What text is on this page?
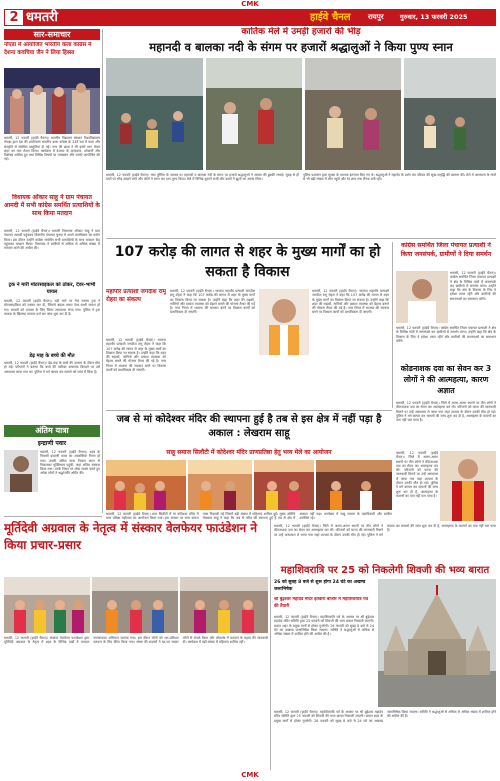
CMK
2 धमतरी	हाईवे चैनल	रायपुर	गुरुवार, 13 फरवरी 2025
सार-समाचार
नोएडा में आयोजित भारतीय कला कांग्रेस में देशना कवचिया जैन ने लिया हिस्सा
धमतरी, 12 फरवरी (हाईवे चैनल)। भारतीय विद्यालय संस्थान विश्वविद्यालय नोएडा द्वारा देश की प्राचीनतम भारतीय कला कांग्रेस के 33वें सत्र में कला और संस्कृति से संबंधित प्रस्तुतियां दी गईं। नगर की छात्रा ने भी इसमें भाग लेकर शहर का नाम रोशन किया। कार्यक्रम में देशभर के कलाकार, शोधार्थी और विशेषज्ञ शामिल हुए तथा विभिन्न विषयों पर व्याख्यान और चर्चाएं आयोजित की गईं।
विधायक ओंकार साहू ने ग्राम पंचायत आमदी में सभी कांग्रेस समर्थित प्रत्याशियों के साथ किया मतदान
धमतरी, 12 फरवरी (हाईवे चैनल)। धमतरी विधायक ओंकार साहू ने ग्राम पंचायत आमदी पहुंचकर त्रिस्तरीय पंचायत चुनाव में अपने मताधिकार का प्रयोग किया। इस दौरान उन्होंने कांग्रेस समर्थित सभी प्रत्याशियों के साथ मतदान केंद्र पहुंचकर मतदान किया। विधायक ने ग्रामीणों से अधिक से अधिक संख्या में मतदान करने की अपील की।
ट्रक ने मारी मोटरसाइकल को ठोकर, देवर-भाभी घायल
धमतरी, 12 फरवरी (हाईवे चैनल)। रुद्री मार्ग पर तेज रफ्तार ट्रक ने मोटरसाइकिल को टक्कर मार दी, जिससे बाइक सवार देवर-भाभी घायल हो गए। घायलों को उपचार के लिए जिला अस्पताल भेजा गया। पुलिस ने ट्रक चालक के खिलाफ मामला दर्ज कर जांच शुरू कर दी है।
डेढ़ माह के बच्चे की मौत
धमतरी, 12 फरवरी (हाईवे चैनल)। डेढ़ माह के बच्चे की उपचार के दौरान मौत हो गई। परिजनों ने बताया कि बच्चे की तबीयत अचानक बिगड़ने पर उसे अस्पताल लाया गया था। पुलिस ने मर्ग कायम कर मामले को जांच में लिया है।
अंतिम यात्रा
इन्द्राणी पवार
धमतरी, 12 फरवरी (हाईवे चैनल)। शहर के निवासी इन्द्राणी पवार का आकस्मिक निधन हो गया। उनकी अंतिम यात्रा निवास स्थान से निकलकर मुक्तिधाम पहुंची, जहां अंतिम संस्कार किया गया। उनके निधन पर शोक व्यक्त करते हुए अनेक लोगों ने श्रद्धांजलि अर्पित की।
कार्तिक मेले में उमड़ी हजारों की भीड़
महानदी व बालका नदी के संगम पर हजारों श्रद्धालुओं ने किया पुण्य स्नान
धमतरी, 12 फरवरी (हाईवे चैनल)। माघ पूर्णिमा के अवसर पर महानदी व बालका नदी के संगम पर हजारों श्रद्धालुओं ने आस्था की डुबकी लगाई। सुबह से ही घाटों पर भीड़ उमड़ने लगी और लोगों ने स्नान कर दान-पुण्य किया। मेले में विभिन्न दुकानें सजीं और बच्चों ने झूलों का आनंद लिया।
पुलिस प्रशासन द्वारा सुरक्षा के व्यापक इंतजाम किए गए थे। श्रद्धालुओं ने महादेव के दर्शन कर परिवार की सुख-समृद्धि की कामना की। मेले में आसपास के गांवों से भी बड़ी संख्या में लोग पहुंचे और देर शाम तक रौनक बनी रही।
107 करोड़ की लागत से शहर के मुख्य मार्गों का हो सकता है विकास
महापौर प्रत्याशी जगदीश रामू रोहरा का संकल्प
धमतरी, 12 फरवरी (हाईवे चैनल)। भाजपा महापौर प्रत्याशी जगदीश रामू रोहरा ने कहा कि 107 करोड़ की लागत से शहर के मुख्य मार्गों का विकास किया जा सकता है। उन्होंने कहा कि शहर की सड़कों, नालियों और प्रकाश व्यवस्था को बेहतर बनाने की योजना तैयार की गई है। नगर निगम में भाजपा की सरकार बनने पर विकास कार्यों को प्राथमिकता दी जाएगी।
धमतरी, 12 फरवरी (हाईवे चैनल)। भाजपा महापौर प्रत्याशी जगदीश रामू रोहरा ने कहा कि 107 करोड़ की लागत से शहर के मुख्य मार्गों का विकास किया जा सकता है। उन्होंने कहा कि शहर की सड़कों, नालियों और प्रकाश व्यवस्था को बेहतर बनाने की योजना तैयार की गई है। नगर निगम में भाजपा की सरकार बनने पर विकास कार्यों को प्राथमिकता दी जाएगी।
धमतरी, 12 फरवरी (हाईवे चैनल)। भाजपा महापौर प्रत्याशी जगदीश रामू रोहरा ने कहा कि 107 करोड़ की लागत से शहर के मुख्य मार्गों का विकास किया जा सकता है। उन्होंने कहा कि शहर की सड़कों, नालियों और प्रकाश व्यवस्था को बेहतर बनाने की योजना तैयार की गई है। नगर निगम में भाजपा की सरकार बनने पर विकास कार्यों को प्राथमिकता दी जाएगी।
कांग्रेस समर्थित जिला पंचायत प्रत्याशी ने किया जनसंपर्क, ग्रामीणों ने दिया समर्थन
धमतरी, 12 फरवरी (हाईवे चैनल)। कांग्रेस समर्थित जिला पंचायत प्रत्याशी ने क्षेत्र के विभिन्न गांवों में जनसंपर्क कर ग्रामीणों से समर्थन मांगा। उन्होंने कहा कि क्षेत्र के विकास के लिए वे हमेशा तत्पर रहेंगे और ग्रामीणों की समस्याओं का समाधान करेंगे।
धमतरी, 12 फरवरी (हाईवे चैनल)। कांग्रेस समर्थित जिला पंचायत प्रत्याशी ने क्षेत्र के विभिन्न गांवों में जनसंपर्क कर ग्रामीणों से समर्थन मांगा। उन्होंने कहा कि क्षेत्र के विकास के लिए वे हमेशा तत्पर रहेंगे और ग्रामीणों की समस्याओं का समाधान करेंगे।
कोडनाशक दवा का सेवन कर 3 लोगों ने की आत्महत्या, कारण अज्ञात
जब से मां कोदेश्वर मंदिर की स्थापना हुई है तब से इस क्षेत्र में नहीं पड़ा है अकाल : लेखराम साहू
साहू समाज सिलौटी में कोदेश्वर मंदिर प्राणप्रतिष्ठा हेतु भव्य मेले का आयोजन
धमतरी, 12 फरवरी (हाईवे चैनल)। जिले में अलग-अलग स्थानों पर तीन लोगों ने कीटनाशक दवा का सेवन कर आत्महत्या कर ली। परिजनों को घटना की जानकारी मिलने पर उन्हें अस्पताल ले जाया गया जहां उपचार के दौरान उनकी मौत हो गई। पुलिस ने मर्ग कायम कर मामलों की जांच शुरू कर दी है, आत्महत्या के कारणों का पता नहीं चल पाया है।
धमतरी, 12 फरवरी (हाईवे चैनल)। जिले में अलग-अलग स्थानों पर तीन लोगों ने कीटनाशक दवा का सेवन कर आत्महत्या कर ली। परिजनों को घटना की जानकारी मिलने पर उन्हें अस्पताल ले जाया गया जहां उपचार के दौरान उनकी मौत हो गई। पुलिस ने मर्ग कायम कर मामलों की जांच शुरू कर दी है, आत्महत्या के कारणों का पता नहीं चल पाया है।
धमतरी, 12 फरवरी (हाईवे चैनल)। ग्राम सिलौटी में मां कोदेश्वर मंदिर में प्राण प्रतिष्ठा महोत्सव का आयोजन किया गया। इस अवसर पर भव्य कलश यात्रा निकाली गई जिसमें बड़ी संख्या में महिलाएं शामिल हुईं। मुख्य अतिथि लेखराम साहू ने कहा कि जब से मंदिर की स्थापना हुई है तब से क्षेत्र में अकाल नहीं पड़ा। कार्यक्रम में साहू समाज के पदाधिकारी और ग्रामीण उपस्थित रहे।
मूर्तिदेवी अग्रवाल के नेतृत्व में संस्कार वेलफेयर फाउंडेशन ने किया प्रचार-प्रसार
धमतरी, 12 फरवरी (हाईवे चैनल)। संस्कार वेलफेयर फाउंडेशन द्वारा मूर्तिदेवी अग्रवाल के नेतृत्व में शहर के विभिन्न वार्डों में मतदान जागरूकता अभियान चलाया गया। इस दौरान लोगों को शत-प्रतिशत मतदान के लिए प्रेरित किया गया। संस्था की सदस्यों ने घर-घर जाकर लोगों से संपर्क किया और लोकतंत्र में मतदान के महत्व की जानकारी दी। कार्यक्रम में बड़ी संख्या में महिलाएं शामिल रहीं।
महाशिवरात्रि पर 25 को निकलेगी शिवजी की भव्य बारात
26 को सुबह 8 बजे से शुरू होगा 24 घंटे का अखण्ड जलाभिषेक
श्री बुढ़ेश्वर महादेव मंदिर इतवारी बाजार में महाशिवरात्रि पर्व की तैयारी
धमतरी, 12 फरवरी (हाईवे चैनल)। महाशिवरात्रि पर्व के अवसर पर श्री बुढ़ेश्वर महादेव मंदिर समिति द्वारा 25 फरवरी को शिवजी की भव्य बारात निकाली जाएगी। बारात शहर के प्रमुख मार्गों से होकर गुजरेगी। 26 फरवरी को सुबह 8 बजे से 24 घंटे का अखण्ड जलाभिषेक किया जाएगा। समिति ने श्रद्धालुओं से अधिक से अधिक संख्या में शामिल होने की अपील की है।
धमतरी, 12 फरवरी (हाईवे चैनल)। महाशिवरात्रि पर्व के अवसर पर श्री बुढ़ेश्वर महादेव मंदिर समिति द्वारा 25 फरवरी को शिवजी की भव्य बारात निकाली जाएगी। बारात शहर के प्रमुख मार्गों से होकर गुजरेगी। 26 फरवरी को सुबह 8 बजे से 24 घंटे का अखण्ड जलाभिषेक किया जाएगा। समिति ने श्रद्धालुओं से अधिक से अधिक संख्या में शामिल होने की अपील की है।
धमतरी, 12 फरवरी (हाईवे चैनल)। जिले में अलग-अलग स्थानों पर तीन लोगों ने कीटनाशक दवा का सेवन कर आत्महत्या कर ली। परिजनों को घटना की जानकारी मिलने पर उन्हें अस्पताल ले जाया गया जहां उपचार के दौरान उनकी मौत हो गई। पुलिस ने मर्ग कायम कर मामलों की जांच शुरू कर दी है, आत्महत्या के कारणों का पता नहीं चल पाया है।
CMK
